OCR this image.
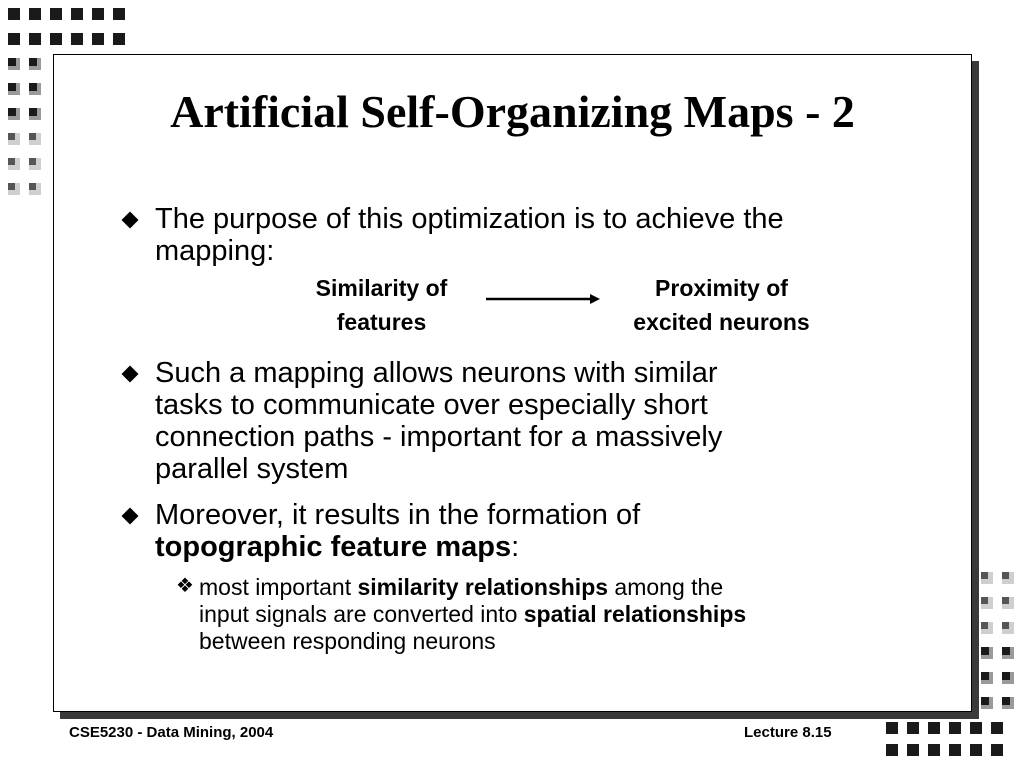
Artificial Self-Organizing Maps - 2
The purpose of this optimization is to achieve the
mapping:
Similarity of
features
Proximity of
excited neurons
Such a mapping allows neurons with similar
tasks to communicate over especially short
connection paths - important for a massively
parallel system
Moreover, it results in the formation of
topographic feature maps:
❖ most important similarity relationships among the
input signals are converted into spatial relationships
between responding neurons
CSE5230 - Data Mining, 2004	Lecture 8.15
